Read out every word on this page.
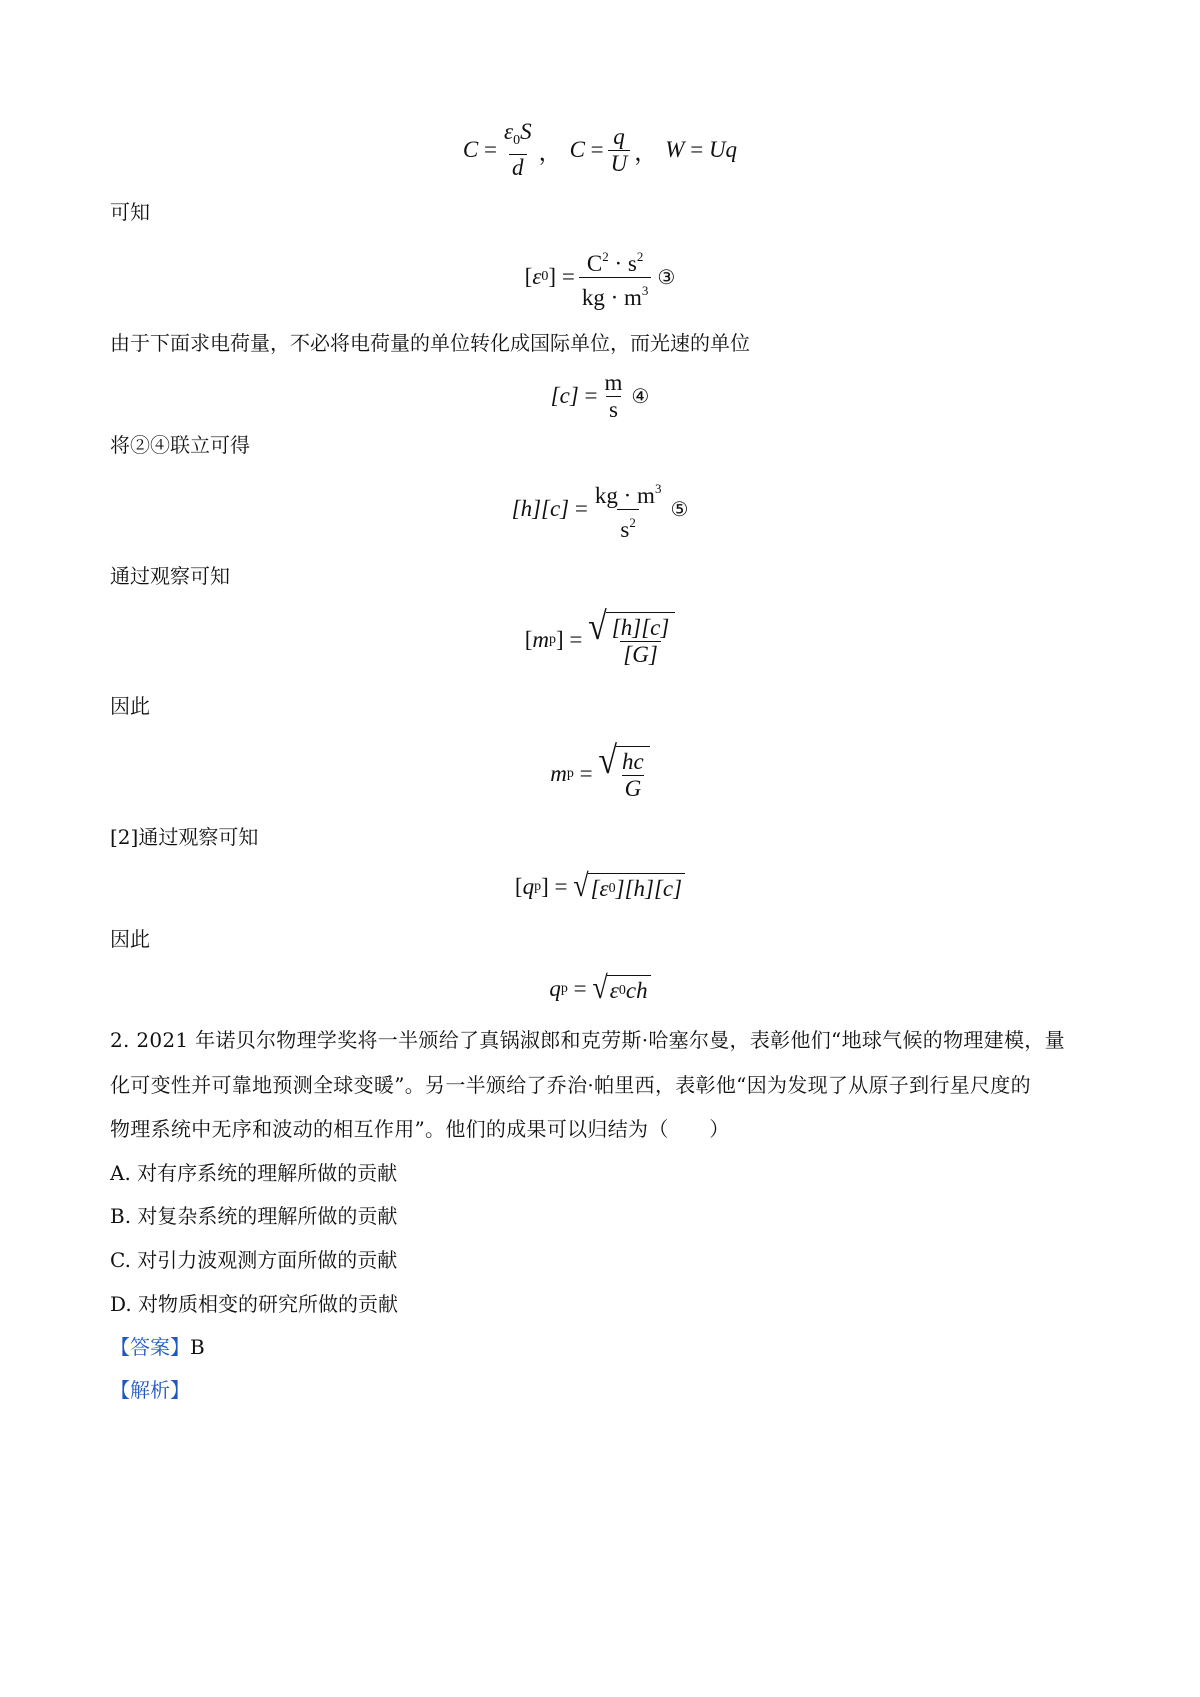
$C = \frac{\varepsilon_0S}{d}$ ， $C = \frac{q}{U}$ ， W = Uq
可知
[ ε 0 ] = $\frac{C^2 \cdot s^2}{kg \cdot m^3}$ ③
由于下面求电荷量，不必将电荷量的单位转化成国际单位，而光速的单位
$[c] = \frac{m}{s}$ ④
将②④联立可得
$[h][c] = \frac{kg \cdot m^3}{s^2}$ ⑤
通过观察可知
[ m p ] = √ $\frac{[h][c]}{[G]}$
因此
m p = √ $\frac{hc}{G}$
[2]通过观察可知
[ q p ] = √ [ ε 0 ][h][c]
因此
q p = √ ε 0 ch
2. 2021 年诺贝尔物理学奖将一半颁给了真锅淑郎和克劳斯·哈塞尔曼，表彰他们“地球气候的物理建模，量
化可变性并可靠地预测全球变暖”。另一半颁给了乔治·帕里西，表彰他“因为发现了从原子到行星尺度的
物理系统中无序和波动的相互作用”。他们的成果可以归结为（　　）
A. 对有序系统的理解所做的贡献
B. 对复杂系统的理解所做的贡献
C. 对引力波观测方面所做的贡献
D. 对物质相变的研究所做的贡献
【答案】B
【解析】
